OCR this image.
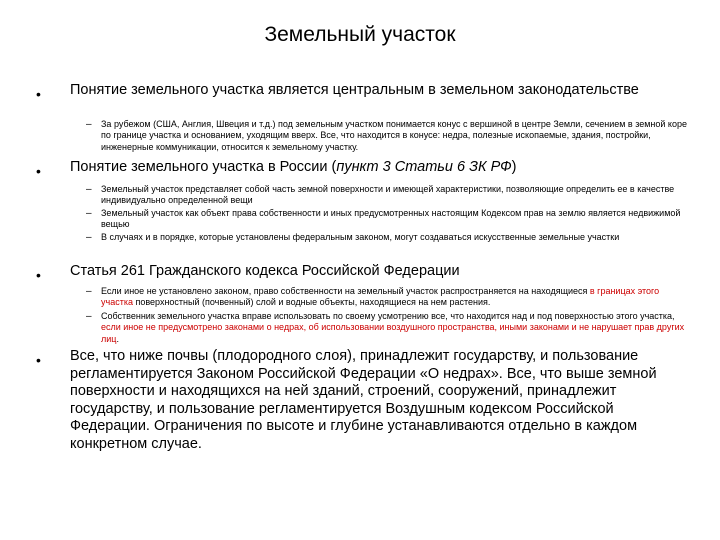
Земельный участок
• Понятие земельного участка является центральным в земельном законодательстве
– За рубежом (США, Англия, Швеция и т.д.) под земельным участком понимается конус с вершиной в центре Земли, сечением в земной коре по границе участка и основанием, уходящим вверх. Все, что находится в конусе: недра, полезные ископаемые, здания, постройки, инженерные коммуникации, относится к земельному участку.
• Понятие земельного участка в России (пункт 3 Статьи 6 ЗК РФ)
– Земельный участок представляет собой часть земной поверхности и имеющей характеристики, позволяющие определить ее в качестве индивидуально определенной вещи
– Земельный участок как объект права собственности и иных предусмотренных настоящим Кодексом прав на землю является недвижимой вещью
– В случаях и в порядке, которые установлены федеральным законом, могут создаваться искусственные земельные участки
• Статья 261 Гражданского кодекса Российской Федерации
– Если иное не установлено законом, право собственности на земельный участок распространяется на находящиеся в границах этого участка поверхностный (почвенный) слой и водные объекты, находящиеся на нем растения.
– Собственник земельного участка вправе использовать по своему усмотрению все, что находится над и под поверхностью этого участка, если иное не предусмотрено законами о недрах, об использовании воздушного пространства, иными законами и не нарушает прав других лиц.
• Все, что ниже почвы (плодородного слоя), принадлежит государству, и пользование регламентируется Законом Российской Федерации «О недрах». Все, что выше земной поверхности и находящихся на ней зданий, строений, сооружений, принадлежит государству, и пользование регламентируется Воздушным кодексом Российской Федерации. Ограничения по высоте и глубине устанавливаются отдельно в каждом конкретном случае.
